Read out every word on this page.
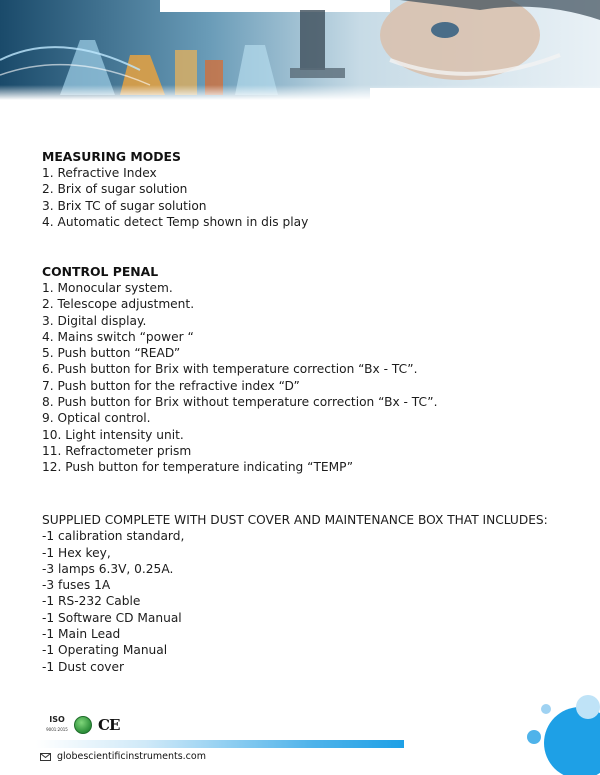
MEASURING MODES
1. Refractive Index
2. Brix of sugar solution
3. Brix TC of sugar solution
4. Automatic detect Temp shown in dis play
CONTROL PENAL
1. Monocular system.
2. Telescope adjustment.
3. Digital display.
4. Mains switch “power “
5. Push button “READ”
6. Push button for Brix with temperature correction “Bx - TC”.
7. Push button for the refractive index “D”
8. Push button for Brix without temperature correction “Bx - TC”.
9. Optical control.
10. Light intensity unit.
11. Refractometer prism
12. Push button for temperature indicating “TEMP”
SUPPLIED COMPLETE WITH DUST COVER AND MAINTENANCE BOX THAT INCLUDES:
-1 calibration standard,
-1 Hex key,
-3 lamps 6.3V, 0.25A.
-3 fuses 1A
-1 RS-232 Cable
-1 Software CD Manual
-1 Main Lead
-1 Operating Manual
-1 Dust cover
ISO
9001:2015 CE
globescientificinstruments.com
